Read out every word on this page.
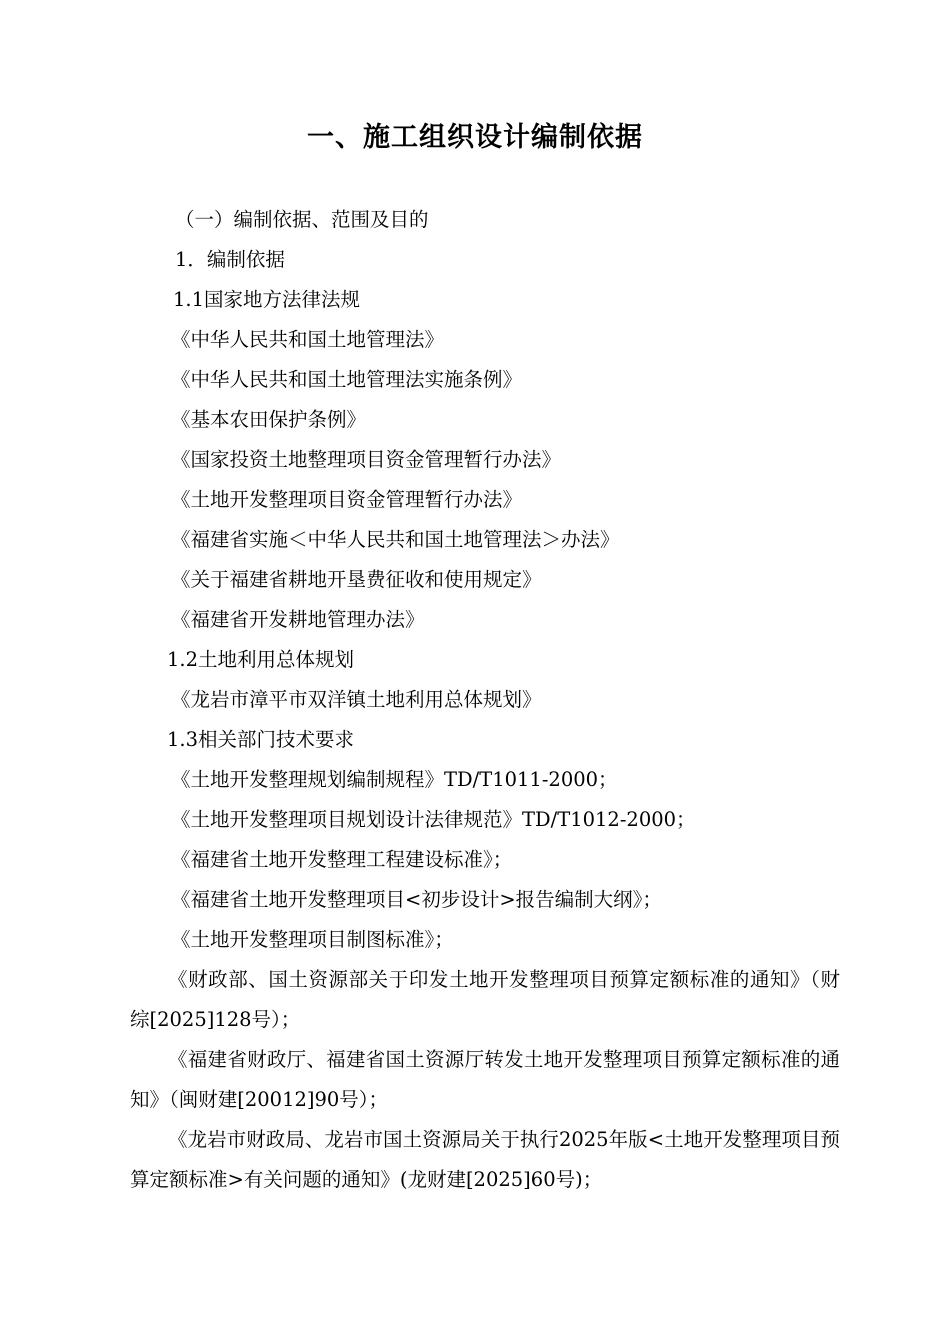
一、施工组织设计编制依据
（一）编制依据、范围及目的
1．编制依据
1.1国家地方法律法规
《中华人民共和国土地管理法》
《中华人民共和国土地管理法实施条例》
《基本农田保护条例》
《国家投资土地整理项目资金管理暂行办法》
《土地开发整理项目资金管理暂行办法》
《福建省实施＜中华人民共和国土地管理法＞办法》
《关于福建省耕地开垦费征收和使用规定》
《福建省开发耕地管理办法》
1.2土地利用总体规划
《龙岩市漳平市双洋镇土地利用总体规划》
1.3相关部门技术要求
《土地开发整理规划编制规程》TD/T1011-2000；
《土地开发整理项目规划设计法律规范》TD/T1012-2000；
《福建省土地开发整理工程建设标准》；
《福建省土地开发整理项目<初步设计>报告编制大纲》；
《土地开发整理项目制图标准》；
《财政部、国土资源部关于印发土地开发整理项目预算定额标准的通知》（财综[2025]128号）；
《福建省财政厅、福建省国土资源厅转发土地开发整理项目预算定额标准的通知》（闽财建[20012]90号）；
《龙岩市财政局、龙岩市国土资源局关于执行2025年版<土地开发整理项目预算定额标准>有关问题的通知》(龙财建[2025]60号)；
